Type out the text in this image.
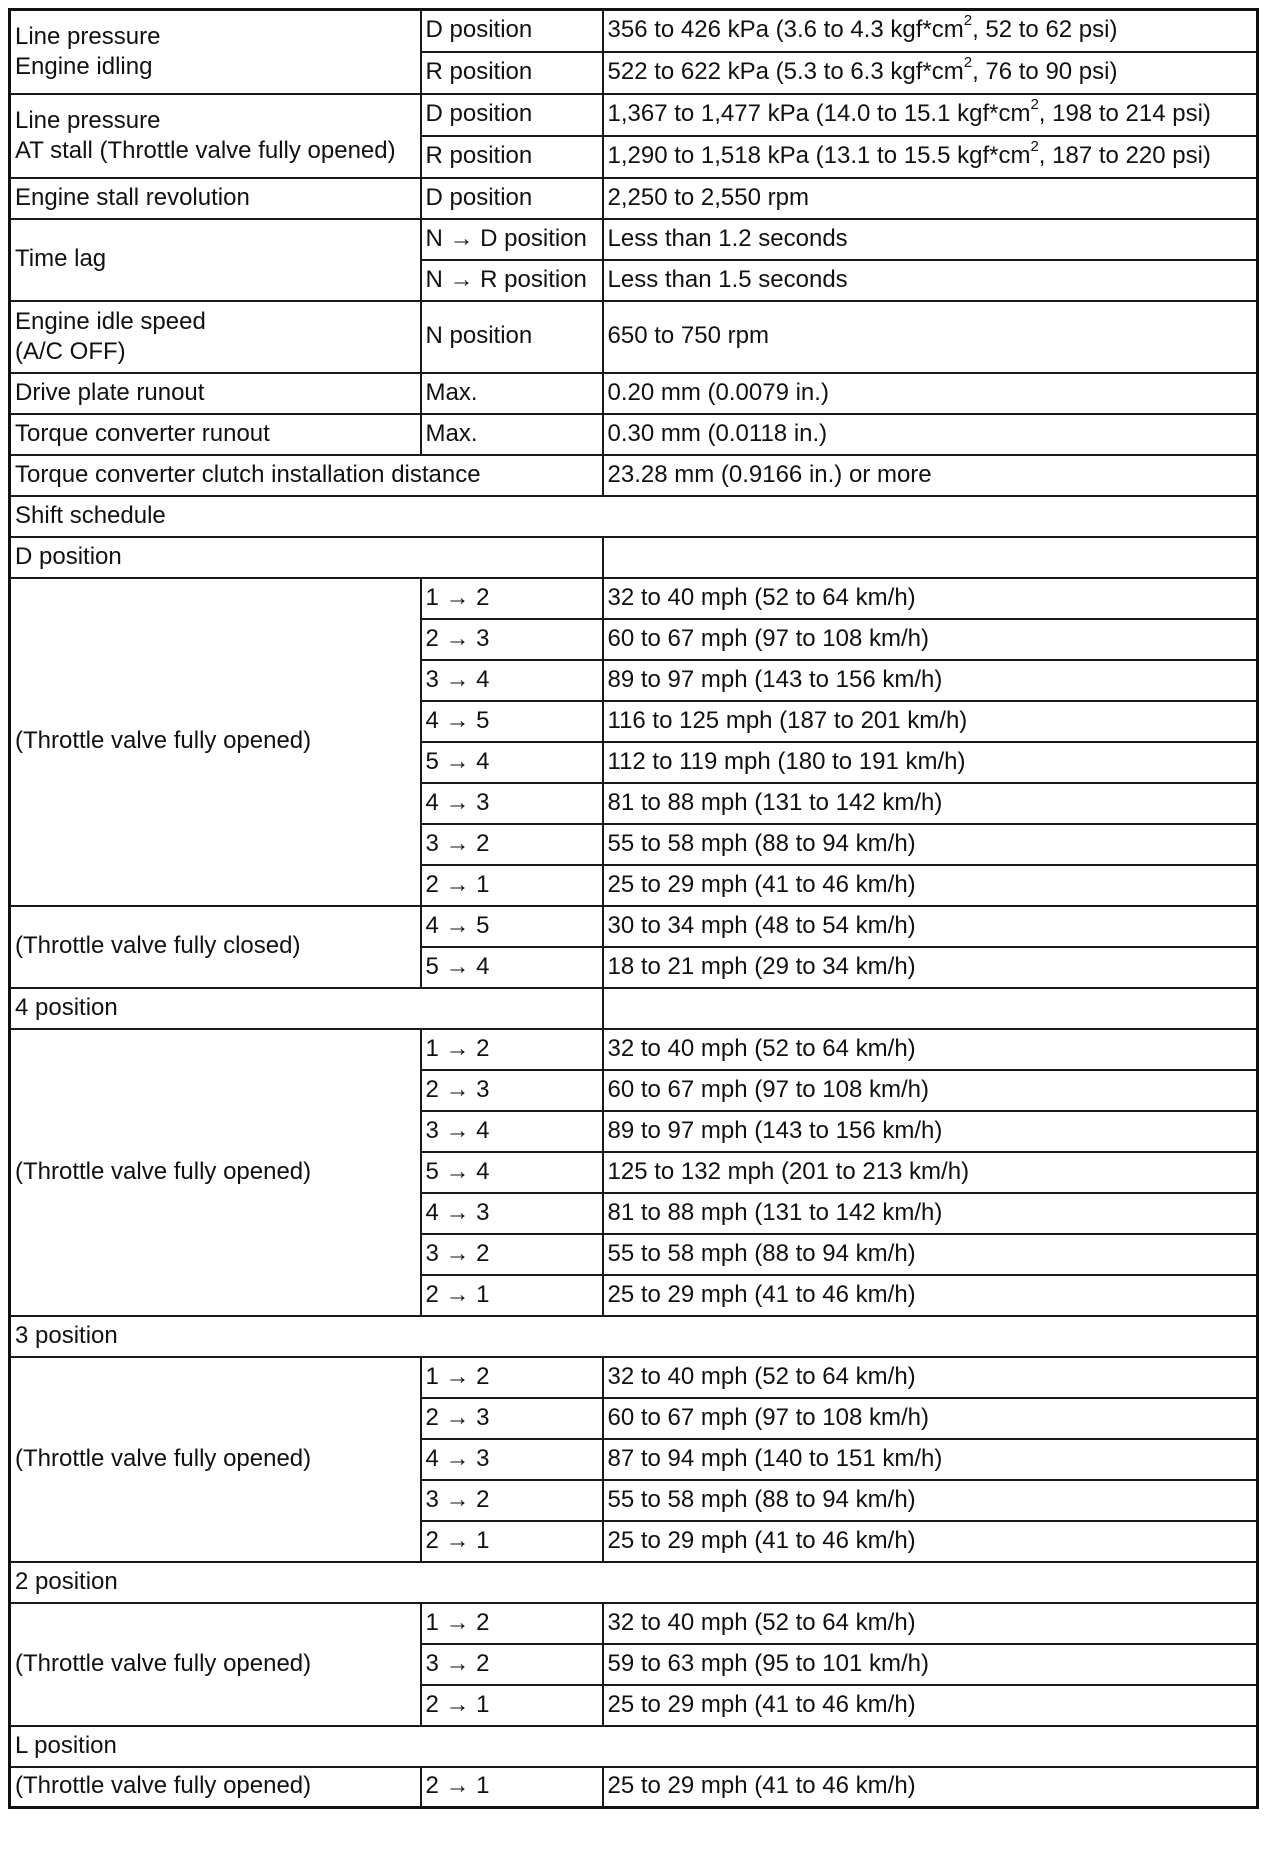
Line pressure
Engine idling	D position	356 to 426 kPa (3.6 to 4.3 $kgf*cm^2$, 52 to 62 psi)
	R position	522 to 622 kPa (5.3 to 6.3 $kgf*cm^2$, 76 to 90 psi)
Line pressure
AT stall (Throttle valve fully opened)	D position	1,367 to 1,477 kPa (14.0 to 15.1 $kgf*cm^2$, 198 to 214 psi)
	R position	1,290 to 1,518 kPa (13.1 to 15.5 $kgf*cm^2$, 187 to 220 psi)
Engine stall revolution	D position	2,250 to 2,550 rpm
Time lag	N → D position	Less than 1.2 seconds
	N → R position	Less than 1.5 seconds
Engine idle speed
(A/C OFF)	N position	650 to 750 rpm
Drive plate runout	Max.	0.20 mm (0.0079 in.)
Torque converter runout	Max.	0.30 mm (0.0118 in.)
Torque converter clutch installation distance		23.28 mm (0.9166 in.) or more
Shift schedule		
D position		
(Throttle valve fully opened)	1 → 2	32 to 40 mph (52 to 64 km/h)
	2 → 3	60 to 67 mph (97 to 108 km/h)
	3 → 4	89 to 97 mph (143 to 156 km/h)
	4 → 5	116 to 125 mph (187 to 201 km/h)
	5 → 4	112 to 119 mph (180 to 191 km/h)
	4 → 3	81 to 88 mph (131 to 142 km/h)
	3 → 2	55 to 58 mph (88 to 94 km/h)
	2 → 1	25 to 29 mph (41 to 46 km/h)
(Throttle valve fully closed)	4 → 5	30 to 34 mph (48 to 54 km/h)
	5 → 4	18 to 21 mph (29 to 34 km/h)
4 position		
(Throttle valve fully opened)	1 → 2	32 to 40 mph (52 to 64 km/h)
	2 → 3	60 to 67 mph (97 to 108 km/h)
	3 → 4	89 to 97 mph (143 to 156 km/h)
	5 → 4	125 to 132 mph (201 to 213 km/h)
	4 → 3	81 to 88 mph (131 to 142 km/h)
	3 → 2	55 to 58 mph (88 to 94 km/h)
	2 → 1	25 to 29 mph (41 to 46 km/h)
3 position		
(Throttle valve fully opened)	1 → 2	32 to 40 mph (52 to 64 km/h)
	2 → 3	60 to 67 mph (97 to 108 km/h)
	4 → 3	87 to 94 mph (140 to 151 km/h)
	3 → 2	55 to 58 mph (88 to 94 km/h)
	2 → 1	25 to 29 mph (41 to 46 km/h)
2 position		
(Throttle valve fully opened)	1 → 2	32 to 40 mph (52 to 64 km/h)
	3 → 2	59 to 63 mph (95 to 101 km/h)
	2 → 1	25 to 29 mph (41 to 46 km/h)
L position		
(Throttle valve fully opened)	2 → 1	25 to 29 mph (41 to 46 km/h)
